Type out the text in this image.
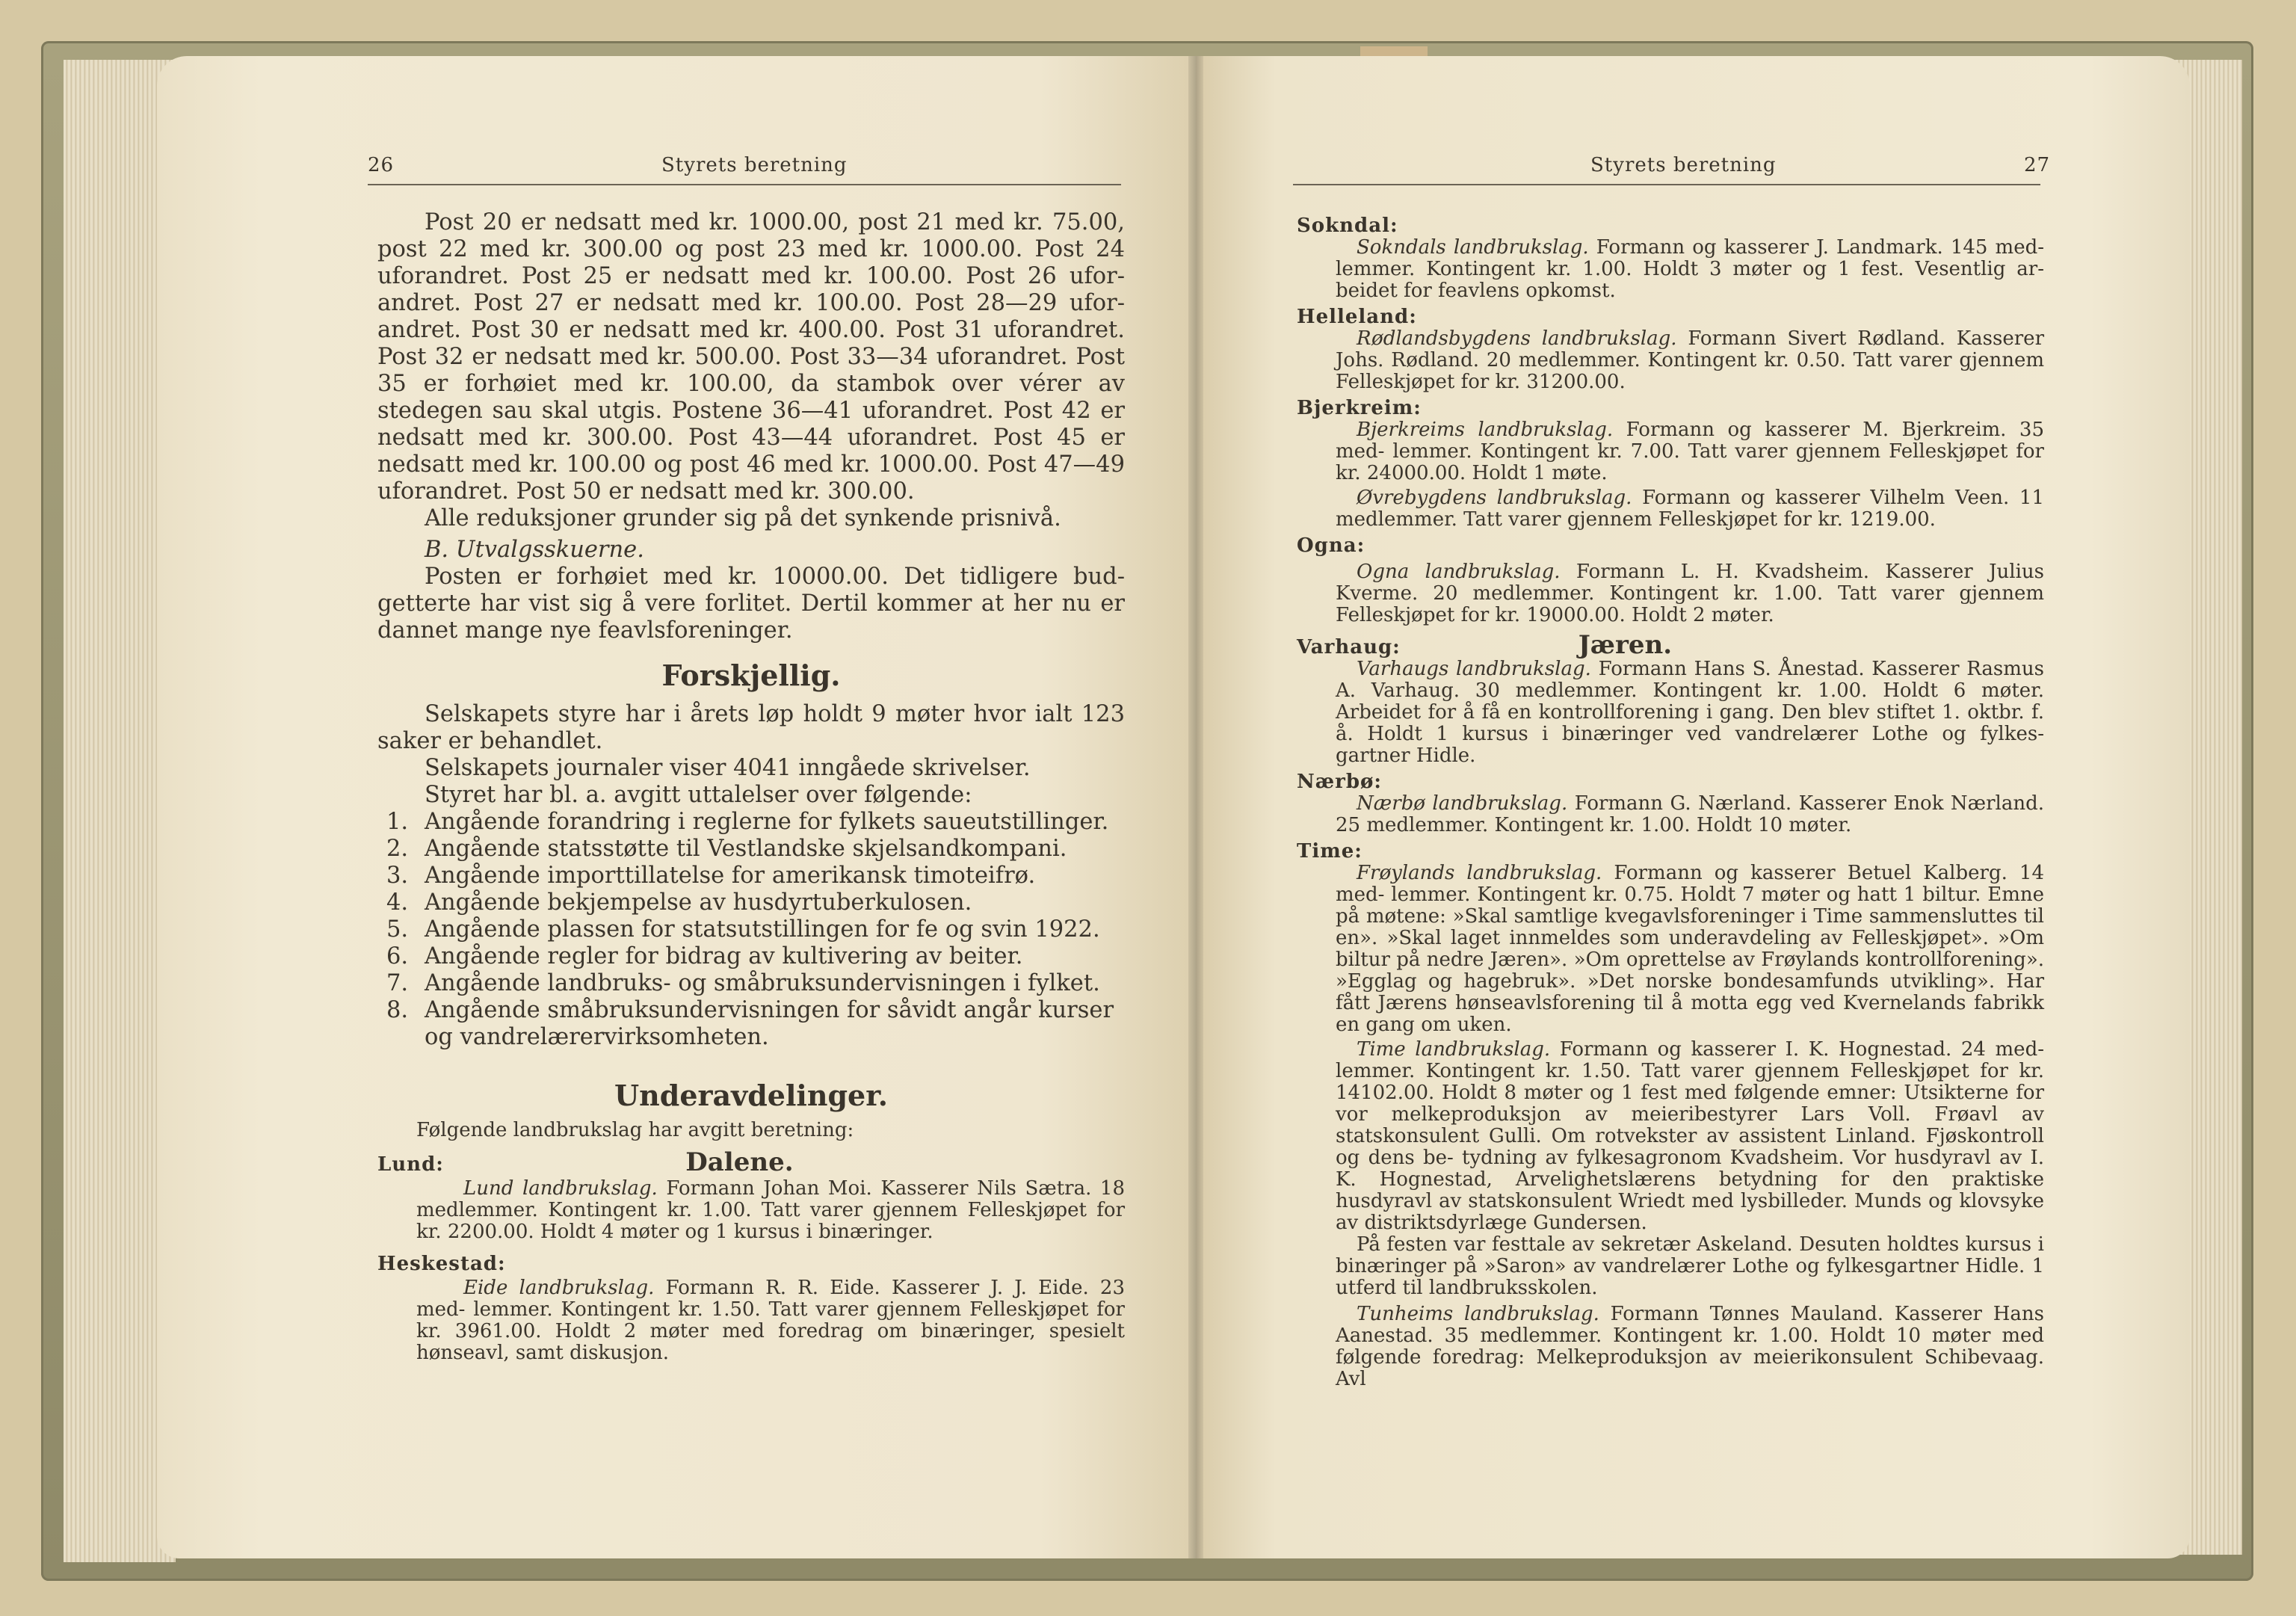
26	Styrets beretning	Styrets beretning	27

Post 20 er nedsatt med kr. 1000.00, post 21 med kr. 75.00, post 22 med kr. 300.00 og post 23 med kr. 1000.00. Post 24 uforandret. Post 25 er nedsatt med kr. 100.00. Post 26 ufor- andret. Post 27 er nedsatt med kr. 100.00. Post 28—29 ufor- andret. Post 30 er nedsatt med kr. 400.00. Post 31 uforandret. Post 32 er nedsatt med kr. 500.00. Post 33—34 uforandret. Post 35 er forhøiet med kr. 100.00, da stambok over vérer av stedegen sau skal utgis. Postene 36—41 uforandret. Post 42 er nedsatt med kr. 300.00. Post 43—44 uforandret. Post 45 er nedsatt med kr. 100.00 og post 46 med kr. 1000.00. Post 47—49 uforandret. Post 50 er nedsatt med kr. 300.00.

Alle reduksjoner grunder sig på det synkende prisnivå.

B. Utvalgsskuerne.

Posten er forhøiet med kr. 10000.00. Det tidligere bud- getterte har vist sig å vere forlitet. Dertil kommer at her nu er dannet mange nye feavlsforeninger.

Forskjellig.

Selskapets styre har i årets løp holdt 9 møter hvor ialt 123 saker er behandlet.

Selskapets journaler viser 4041 inngåede skrivelser.

Styret har bl. a. avgitt uttalelser over følgende:

1. Angående forandring i reglerne for fylkets saueutstillinger.
2. Angående statsstøtte til Vestlandske skjelsandkompani.
3. Angående importtillatelse for amerikansk timoteifrø.
4. Angående bekjempelse av husdyrtuberkulosen.
5. Angående plassen for statsutstillingen for fe og svin 1922.
6. Angående regler for bidrag av kultivering av beiter.
7. Angående landbruks- og småbruksundervisningen i fylket.
8. Angående småbruksundervisningen for såvidt angår kurser og vandrelærervirksomheten.
Underavdelinger.
Følgende landbrukslag har avgitt beretning:
Lund:	Dalene.

Lund landbrukslag. Formann Johan Moi. Kasserer Nils Sætra. 18 medlemmer. Kontingent kr. 1.00. Tatt varer gjennem Felleskjøpet for kr. 2200.00. Holdt 4 møter og 1 kursus i binæringer.

Heskestad:

Eide landbrukslag. Formann R. R. Eide. Kasserer J. J. Eide. 23 med- lemmer. Kontingent kr. 1.50. Tatt varer gjennem Felleskjøpet for kr. 3961.00. Holdt 2 møter med foredrag om binæringer, spesielt hønseavl, samt diskusjon.

Sokndal:

Sokndals landbrukslag. Formann og kasserer J. Landmark. 145 med- lemmer. Kontingent kr. 1.00. Holdt 3 møter og 1 fest. Vesentlig ar- beidet for feavlens opkomst.

Helleland:

Rødlandsbygdens landbrukslag. Formann Sivert Rødland. Kasserer Johs. Rødland. 20 medlemmer. Kontingent kr. 0.50. Tatt varer gjennem Felleskjøpet for kr. 31200.00.

Bjerkreim:

Bjerkreims landbrukslag. Formann og kasserer M. Bjerkreim. 35 med- lemmer. Kontingent kr. 7.00. Tatt varer gjennem Felleskjøpet for kr. 24000.00. Holdt 1 møte.

Øvrebygdens landbrukslag. Formann og kasserer Vilhelm Veen. 11 medlemmer. Tatt varer gjennem Felleskjøpet for kr. 1219.00.

Ogna:

Ogna landbrukslag. Formann L. H. Kvadsheim. Kasserer Julius Kverme. 20 medlemmer. Kontingent kr. 1.00. Tatt varer gjennem Felleskjøpet for kr. 19000.00. Holdt 2 møter.

Varhaug:	Jæren.

Varhaugs landbrukslag. Formann Hans S. Ånestad. Kasserer Rasmus A. Varhaug. 30 medlemmer. Kontingent kr. 1.00. Holdt 6 møter. Arbeidet for å få en kontrollforening i gang. Den blev stiftet 1. oktbr. f. å. Holdt 1 kursus i binæringer ved vandrelærer Lothe og fylkes- gartner Hidle.

Nærbø:

Nærbø landbrukslag. Formann G. Nærland. Kasserer Enok Nærland. 25 medlemmer. Kontingent kr. 1.00. Holdt 10 møter.

Time:

Frøylands landbrukslag. Formann og kasserer Betuel Kalberg. 14 med- lemmer. Kontingent kr. 0.75. Holdt 7 møter og hatt 1 biltur. Emne på møtene: »Skal samtlige kvegavlsforeninger i Time sammensluttes til en». »Skal laget innmeldes som underavdeling av Felleskjøpet». »Om biltur på nedre Jæren». »Om oprettelse av Frøylands kontrollforening». »Egglag og hagebruk». »Det norske bondesamfunds utvikling». Har fått Jærens hønseavlsforening til å motta egg ved Kvernelands fabrikk en gang om uken.

Time landbrukslag. Formann og kasserer I. K. Hognestad. 24 med- lemmer. Kontingent kr. 1.50. Tatt varer gjennem Felleskjøpet for kr. 14102.00. Holdt 8 møter og 1 fest med følgende emner: Utsikterne for vor melkeproduksjon av meieribestyrer Lars Voll. Frøavl av statskonsulent Gulli. Om rotvekster av assistent Linland. Fjøskontroll og dens be- tydning av fylkesagronom Kvadsheim. Vor husdyravl av I. K. Hognestad, Arvelighetslærens betydning for den praktiske husdyravl av statskonsulent Wriedt med lysbilleder. Munds og klovsyke av distriktsdyrlæge Gundersen.

På festen var festtale av sekretær Askeland. Desuten holdtes kursus i binæringer på »Saron» av vandrelærer Lothe og fylkesgartner Hidle. 1 utferd til landbruksskolen.

Tunheims landbrukslag. Formann Tønnes Mauland. Kasserer Hans Aanestad. 35 medlemmer. Kontingent kr. 1.00. Holdt 10 møter med følgende foredrag: Melkeproduksjon av meierikonsulent Schibevaag. Avl
